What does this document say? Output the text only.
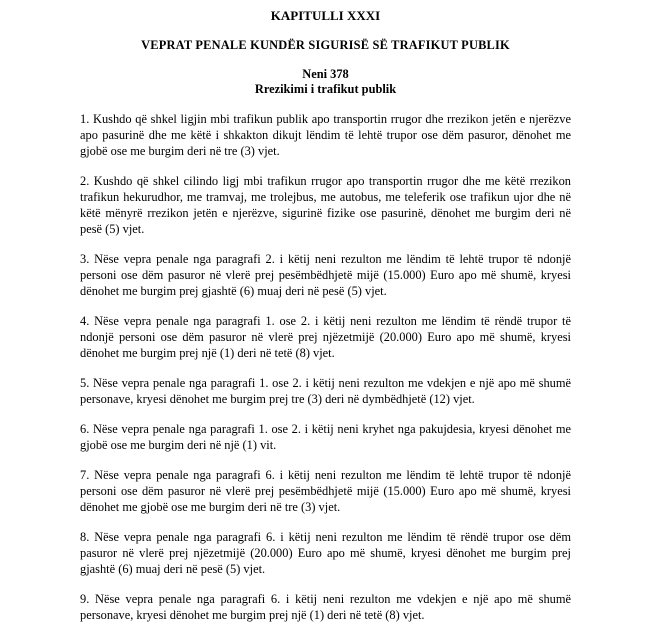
KAPITULLI XXXI
VEPRAT PENALE KUNDËR SIGURISË SË TRAFIKUT PUBLIK
Neni 378
Rrezikimi i trafikut publik

1. Kushdo që shkel ligjin mbi trafikun publik apo transportin rrugor dhe rrezikon jetën e njerëzve apo pasurinë dhe me këtë i shkakton dikujt lëndim të lehtë trupor ose dëm pasuror, dënohet me gjobë ose me burgim deri në tre (3) vjet.

2. Kushdo që shkel cilindo ligj mbi trafikun rrugor apo transportin rrugor dhe me këtë rrezikon trafikun hekurudhor, me tramvaj, me trolejbus, me autobus, me teleferik ose trafikun ujor dhe në këtë mënyrë rrezikon jetën e njerëzve, sigurinë fizike ose pasurinë, dënohet me burgim deri në pesë (5) vjet.

3. Nëse vepra penale nga paragrafi 2. i këtij neni rezulton me lëndim të lehtë trupor të ndonjë personi ose dëm pasuror në vlerë prej pesëmbëdhjetë mijë (15.000) Euro apo më shumë, kryesi dënohet me burgim prej gjashtë (6) muaj deri në pesë (5) vjet.

4. Nëse vepra penale nga paragrafi 1. ose 2. i këtij neni rezulton me lëndim të rëndë trupor të ndonjë personi ose dëm pasuror në vlerë prej njëzetmijë (20.000) Euro apo më shumë, kryesi dënohet me burgim prej një (1) deri në tetë (8) vjet.

5. Nëse vepra penale nga paragrafi 1. ose 2. i këtij neni rezulton me vdekjen e një apo më shumë personave, kryesi dënohet me burgim prej tre (3) deri në dymbëdhjetë (12) vjet.

6. Nëse vepra penale nga paragrafi 1. ose 2. i këtij neni kryhet nga pakujdesia, kryesi dënohet me gjobë ose me burgim deri në një (1) vit.

7. Nëse vepra penale nga paragrafi 6. i këtij neni rezulton me lëndim të lehtë trupor të ndonjë personi ose dëm pasuror në vlerë prej pesëmbëdhjetë mijë (15.000) Euro apo më shumë, kryesi dënohet me gjobë ose me burgim deri në tre (3) vjet.

8. Nëse vepra penale nga paragrafi 6. i këtij neni rezulton me lëndim të rëndë trupor ose dëm pasuror në vlerë prej njëzetmijë (20.000) Euro apo më shumë, kryesi dënohet me burgim prej gjashtë (6) muaj deri në pesë (5) vjet.

9. Nëse vepra penale nga paragrafi 6. i këtij neni rezulton me vdekjen e një apo më shumë personave, kryesi dënohet me burgim prej një (1) deri në tetë (8) vjet.
